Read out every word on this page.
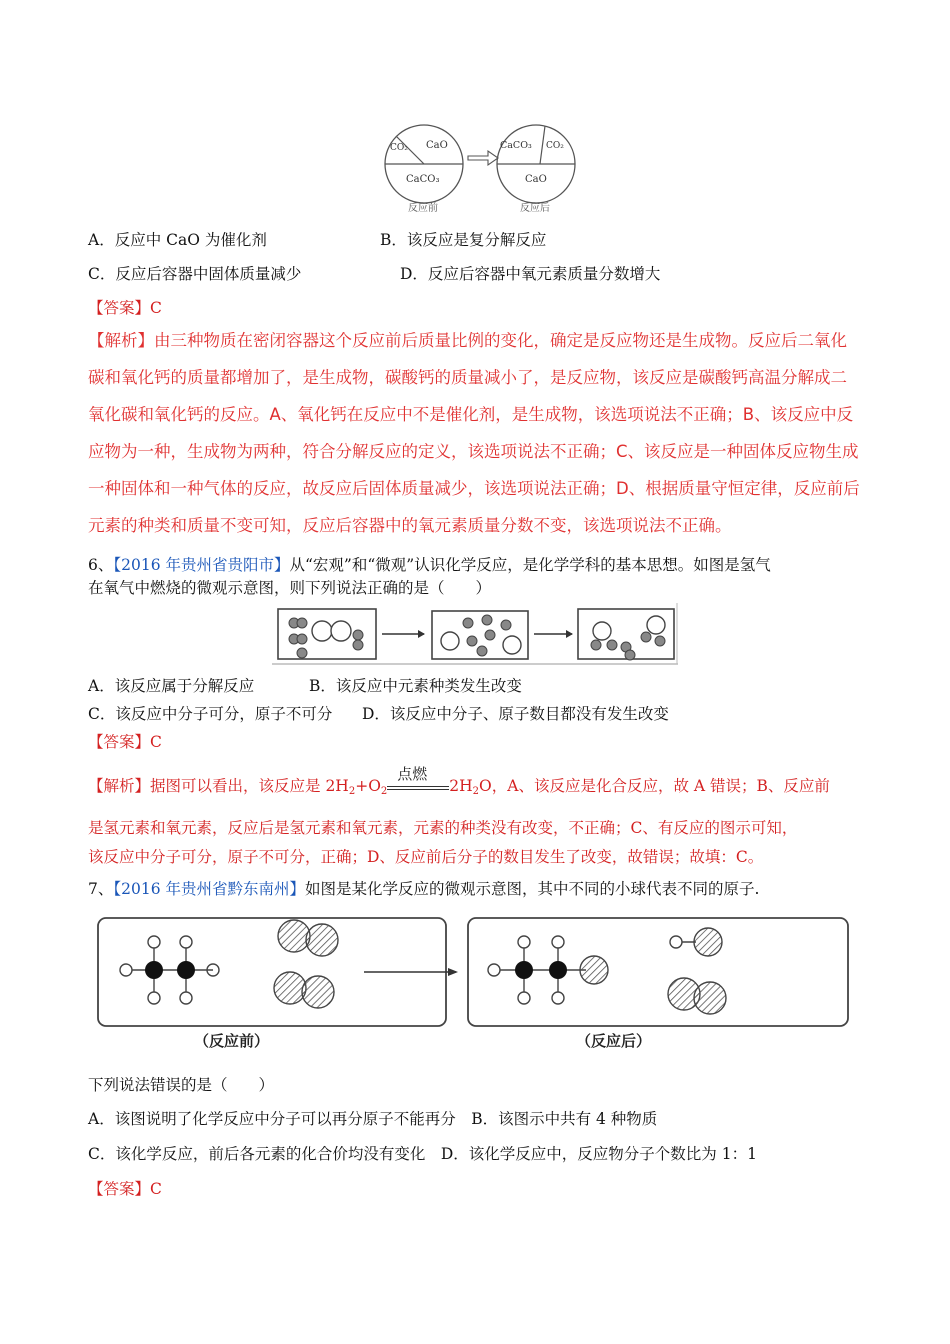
CO₂ CaO
CaCO₃
反应前
CaCO₃ CO₂
CaO
反应后
A．反应中 CaO 为催化剂	B．该反应是复分解反应
C．反应后容器中固体质量减少	D．反应后容器中氧元素质量分数增大
【答案】C
【解析】由三种物质在密闭容器这个反应前后质量比例的变化，确定是反应物还是生成物。反应后二氧化
碳和氧化钙的质量都增加了，是生成物，碳酸钙的质量减小了，是反应物，该反应是碳酸钙高温分解成二
氧化碳和氧化钙的反应。A、氧化钙在反应中不是催化剂，是生成物，该选项说法不正确；B、该反应中反
应物为一种，生成物为两种，符合分解反应的定义，该选项说法不正确；C、该反应是一种固体反应物生成
一种固体和一种气体的反应，故反应后固体质量减少，该选项说法正确；D、根据质量守恒定律，反应前后
元素的种类和质量不变可知，反应后容器中的氧元素质量分数不变，该选项说法不正确。
6、【2016 年贵州省贵阳市】从“宏观”和“微观”认识化学反应，是化学学科的基本思想。如图是氢气
在氧气中燃烧的微观示意图，则下列说法正确的是（　　）
A．该反应属于分解反应	B．该反应中元素种类发生改变
C．该反应中分子可分，原子不可分 D．该反应中分子、原子数目都没有发生改变
【答案】C
【解析】据图可以看出，该反应是 $2H_2+O_2$
点燃
$2H_2O$，A、该反应是化合反应，故 A 错误；B、反应前
是氢元素和氧元素，反应后是氢元素和氧元素，元素的种类没有改变，不正确；C、有反应的图示可知，
该反应中分子可分，原子不可分，正确；D、反应前后分子的数目发生了改变，故错误；故填：C。
7、【2016 年贵州省黔东南州】如图是某化学反应的微观示意图，其中不同的小球代表不同的原子.
（反应前）	（反应后）
下列说法错误的是（　　）
A．该图说明了化学反应中分子可以再分原子不能再分　B．该图示中共有 4 种物质
C．该化学反应，前后各元素的化合价均没有变化　D．该化学反应中，反应物分子个数比为 1：1
【答案】C
